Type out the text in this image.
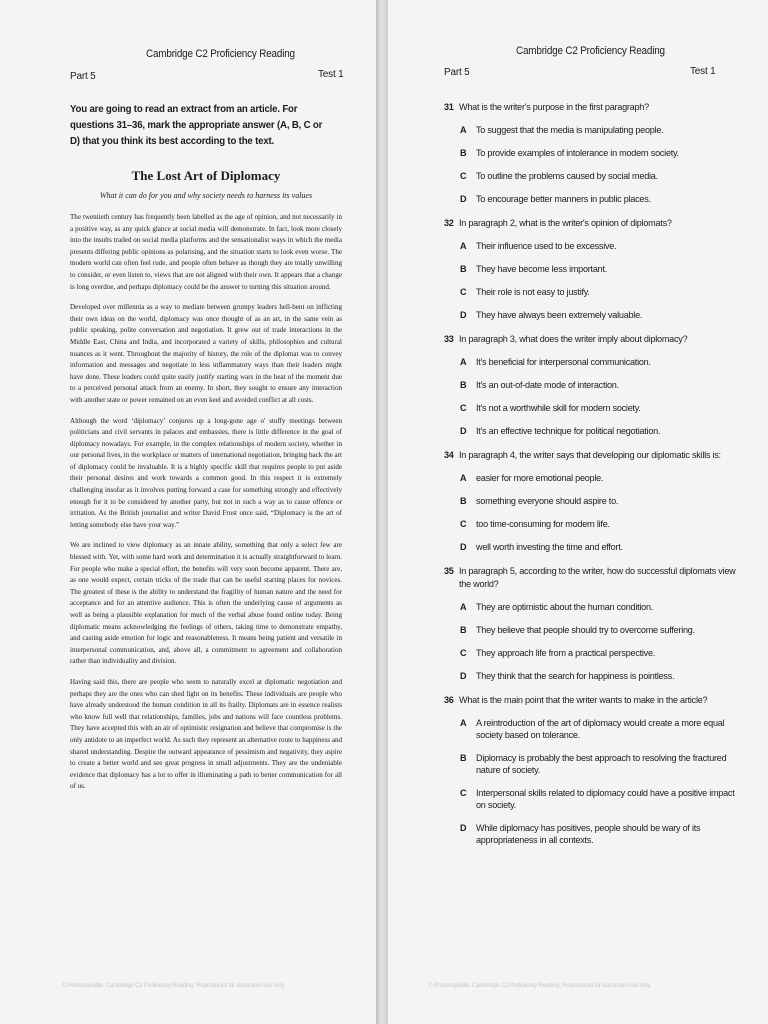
Cambridge C2 Proficiency Reading
Part 5	Test 1
You are going to read an extract from an article. For questions 31–36, mark the appropriate answer (A, B, C or D) that you think its best according to the text.
The Lost Art of Diplomacy
What it can do for you and why society needs to harness its values

The twentieth century has frequently been labelled as the age of opinion, and not necessarily in a positive way, as any quick glance at social media will demonstrate. In fact, look more closely into the insults traded on social media platforms and the sensationalist ways in which the media presents differing public opinions as polarising, and the situation starts to look even worse. The modern world can often feel rude, and people often behave as though they are totally unwilling to consider, or even listen to, views that are not aligned with their own. It appears that a change is long overdue, and perhaps diplomacy could be the answer to turning this situation around.

Developed over millennia as a way to mediate between grumpy leaders hell-bent on inflicting their own ideas on the world, diplomacy was once thought of as an art, in the same vein as public speaking, polite conversation and negotiation. It grew out of trade interactions in the Middle East, China and India, and incorporated a variety of skills, philosophies and cultural nuances as it went. Throughout the majority of history, the role of the diplomat was to convey information and messages and negotiate in less inflammatory ways than their leaders might have done. These leaders could quite easily justify starting wars in the heat of the moment due to a perceived personal attack from an enemy. In short, they sought to ensure any interaction with another state or power remained on an even keel and avoided conflict at all costs.

Although the word ‘diplomacy’ conjures up a long-gone age o' stuffy meetings between politicians and civil servants in palaces and embassies, there is little difference in the goal of diplomacy nowadays. For example, in the complex relationships of modern society, whether in our personal lives, in the workplace or matters of international negotiation, bringing back the art of diplomacy could be invaluable. It is a highly specific skill that requires people to put aside their personal desires and work towards a common good. In this respect it is extremely challenging insofar as it involves putting forward a case for something strongly and effectively enough for it to be considered by another party, but not in such a way as to cause offence or irritation. As the British journalist and writer David Frost once said, “Diplomacy is the art of letting somebody else have your way.”

We are inclined to view diplomacy as an innate ability, something that only a select few are blessed with. Yet, with some hard work and determination it is actually straightforward to learn. For people who make a special effort, the benefits will very soon become apparent. There are, as one would expect, certain tricks of the trade that can be useful starting places for novices. The greatest of these is the ability to understand the fragility of human nature and the need for acceptance and for an attentive audience. This is often the underlying cause of arguments as well as being a plausible explanation for much of the verbal abuse found online today. Being diplomatic means acknowledging the feelings of others, taking time to demonstrate empathy, and casting aside emotion for logic and reasonableness. It means being patient and versatile in interpersonal communication, and, above all, a commitment to agreement and collaboration rather than individuality and division.

Having said this, there are people who seem to naturally excel at diplomatic negotiation and perhaps they are the ones who can shed light on its benefits. These individuals are people who have already understood the human condition in all its frailty. Diplomats are in essence realists who know full well that relationships, families, jobs and nations will face countless problems. They have accepted this with an air of optimistic resignation and believe that compromise is the only antidote to an imperfect world. As such they represent an alternative route to happiness and shared understanding. Despite the outward appearance of pessimism and negativity, they aspire to create a better world and see great progress in small adjustments. They are the undeniable evidence that diplomacy has a lot to offer in illuminating a path to better communication for all of us.

© Photocopiable. Cambridge C2 Proficiency Reading. Reproduced for classroom use only.
Cambridge C2 Proficiency Reading
Part 5	Test 1
© Photocopiable. Cambridge C2 Proficiency Reading. Reproduced for classroom use only.
31 What is the writer's purpose in the first paragraph?
A	To suggest that the media is manipulating people.
B	To provide examples of intolerance in modern society.
C	To outline the problems caused by social media.
D	To encourage better manners in public places.
32 In paragraph 2, what is the writer's opinion of diplomats?
A	Their influence used to be excessive.
B	They have become less important.
C	Their role is not easy to justify.
D	They have always been extremely valuable.
33 In paragraph 3, what does the writer imply about diplomacy?
A	It's beneficial for interpersonal communication.
B	It's an out-of-date mode of interaction.
C	It's not a worthwhile skill for modern society.
D	It's an effective technique for political negotiation.
34 In paragraph 4, the writer says that developing our diplomatic skills is:
A	easier for more emotional people.
B	something everyone should aspire to.
C	too time-consuming for modern life.
D	well worth investing the time and effort.
35 In paragraph 5, according to the writer, how do successful diplomats view the world?
A	They are optimistic about the human condition.
B	They believe that people should try to overcome suffering.
C	They approach life from a practical perspective.
D	They think that the search for happiness is pointless.
36 What is the main point that the writer wants to make in the article?
A	A reintroduction of the art of diplomacy would create a more equal society based on tolerance.
B	Diplomacy is probably the best approach to resolving the fractured nature of society.
C	Interpersonal skills related to diplomacy could have a positive impact on society.
D	While diplomacy has positives, people should be wary of its appropriateness in all contexts.
